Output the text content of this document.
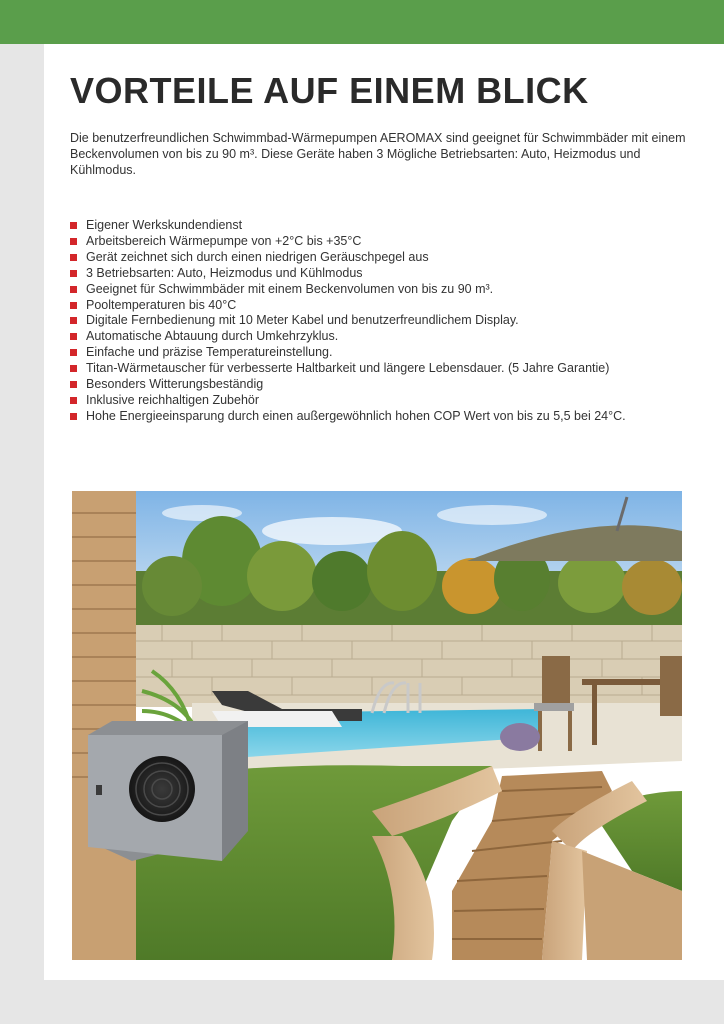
VORTEILE AUF EINEM BLICK

Die benutzerfreundlichen Schwimmbad-Wärmepumpen AEROMAX sind geeignet für Schwimmbäder mit einem Beckenvolumen von bis zu 90 m³. Diese Geräte haben 3 Mögliche Betriebsarten: Auto, Heizmodus und Kühlmodus.

Eigener Werkskundendienst
Arbeitsbereich Wärmepumpe von +2°C bis +35°C
Gerät zeichnet sich durch einen niedrigen Geräuschpegel aus
3 Betriebsarten: Auto, Heizmodus und Kühlmodus
Geeignet für Schwimmbäder mit einem Beckenvolumen von bis zu 90 m³.
Pooltemperaturen bis 40°C
Digitale Fernbedienung mit 10 Meter Kabel und benutzerfreundlichem Display.
Automatische Abtauung durch Umkehrzyklus.
Einfache und präzise Temperatureinstellung.
Titan-Wärmetauscher für verbesserte Haltbarkeit und längere Lebensdauer. (5 Jahre Garantie)
Besonders Witterungsbeständig
Inklusive reichhaltigen Zubehör
Hohe Energieeinsparung durch einen außergewöhnlich hohen COP Wert von bis zu 5,5 bei 24°C.
